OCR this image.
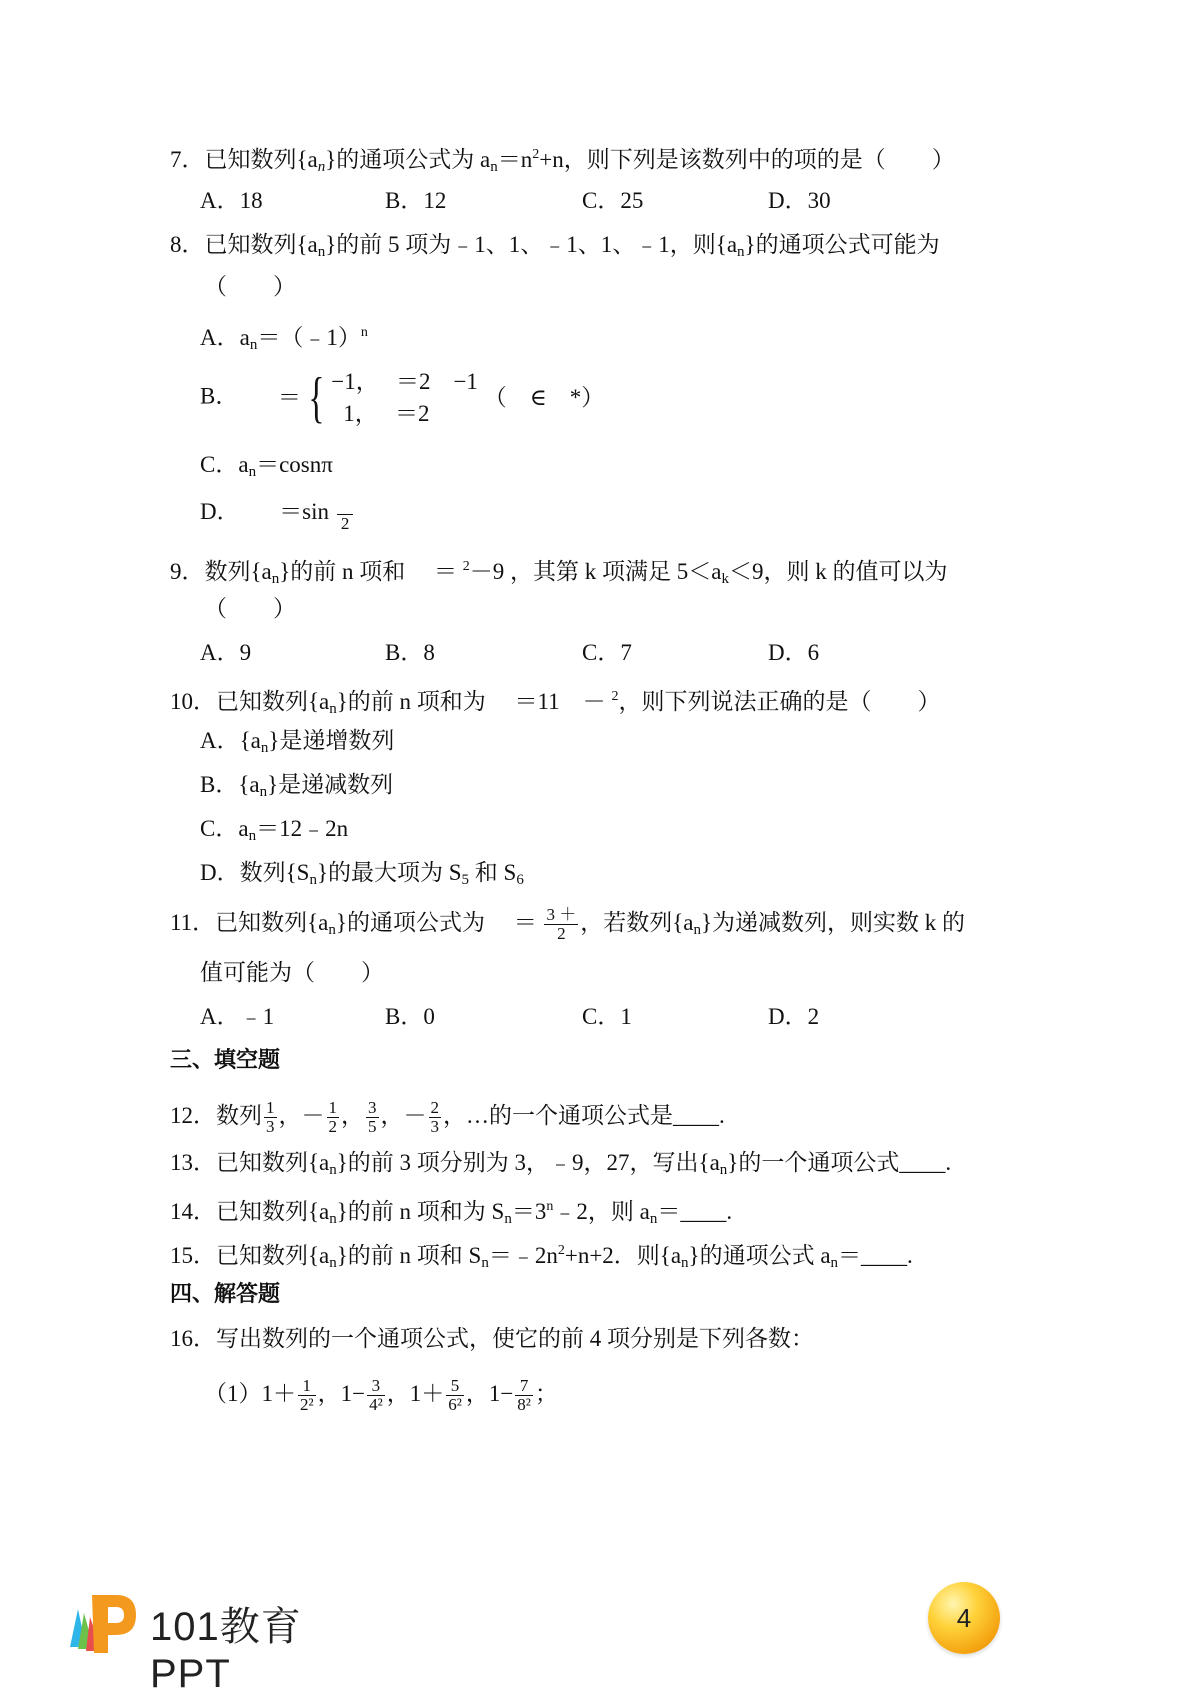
7．已知数列$\{a_n\}$的通项公式为 $a_n=n^2+n$，则下列是该数列中的项的是（　　）
A．18	B．12	C．25	D．30
8．已知数列$\{a_n\}$的前 5 项为﹣1、1、﹣1、1、﹣1，则$\{a_n\}$的通项公式可能为
（　　）
A．$a_n=(﹣1)^n$
B． ＝ { −1，　 ＝2　−1
1，　 ＝2
（　∈　*）
C．$a_n=\cos n\pi$
D． ＝sin
2
9．数列$\{a_n\}$的前 n 项和　 ＝ $^2$－9 ，其第 k 项满足 $5<a_k<9$，则 k 的值可以为
（　　）
A．9	B．8	C．7	D．6
10．已知数列$\{a_n\}$的前 n 项和为　 ＝11　－ $^2$，则下列说法正确的是（　　）
A．$\{a_n\}$是递增数列
B．$\{a_n\}$是递减数列
C．$a_n=12﹣2n$
D．数列$\{S_n\}$的最大项为 $S_5$ 和 $S_6$
11．已知数列$\{a_n\}$的通项公式为　 ＝ $\frac{3 +}{2}$ ，若数列$\{a_n\}$为递减数列，则实数 k 的
值可能为（　　）
A．﹣1	B．0	C．1	D．2
三、填空题
12．数列 $\frac{1}{3}$ ，－ $\frac{1}{2}$ ， $\frac{3}{5}$ ，－ $\frac{2}{3}$ ，…的一个通项公式是____.
13．已知数列$\{a_n\}$的前 3 项分别为 3，﹣9，27，写出$\{a_n\}$的一个通项公式____.
14．已知数列$\{a_n\}$的前 n 项和为 $S_n=3^n﹣2$，则 $a_n=\_\_\_\_$.
15．已知数列$\{a_n\}$的前 n 项和 $S_n=﹣2n^2+n+2$．则$\{a_n\}$的通项公式 $a_n=\_\_\_\_$.
四、解答题
16．写出数列的一个通项公式，使它的前 4 项分别是下列各数：
$(1)1+ \frac{1}{\text{2²}}$ ，$1- \frac{3}{\text{4²}}$ ，$1+ \frac{5}{\text{6²}}$ ，$1- \frac{7}{\text{8²}}$ ；
101教育PPT
4
